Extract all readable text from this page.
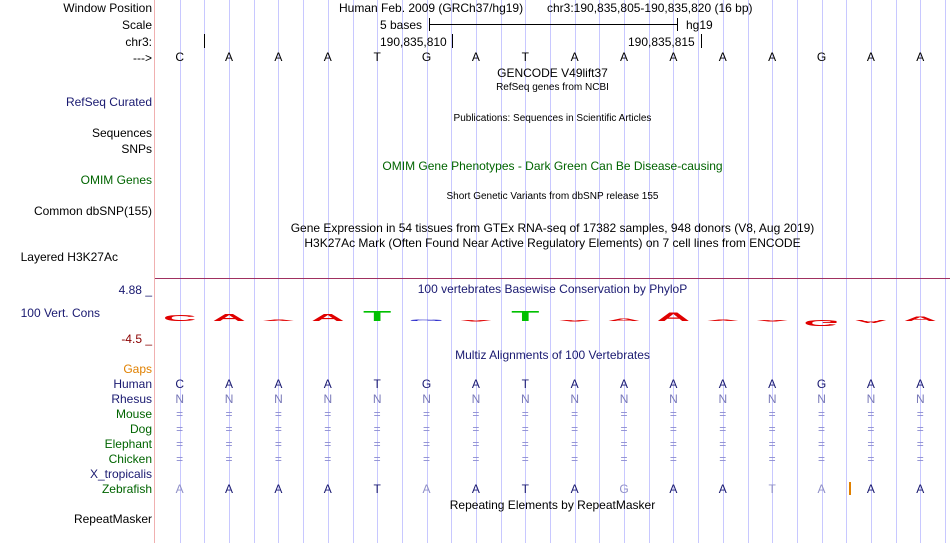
Window Position	Human Feb. 2009 (GRCh37/hg19) chr3:190,835,805-190,835,820 (16 bp)
Scale	5 bases	hg19
chr3:	190,835,810	190,835,815
--->	C	A	A	A	T	G	A	T	A	A	A	A	A	G	A	A
GENCODE V49lift37
RefSeq genes from NCBI
RefSeq Curated
Publications: Sequences in Scientific Articles
Sequences
SNPs
OMIM Gene Phenotypes - Dark Green Can Be Disease-causing
OMIM Genes
Short Genetic Variants from dbSNP release 155
Common dbSNP(155)
Gene Expression in 54 tissues from GTEx RNA-seq of 17382 samples, 948 donors (V8, Aug 2019)
H3K27Ac Mark (Often Found Near Active Regulatory Elements) on 7 cell lines from ENCODE
Layered H3K27Ac
100 vertebrates Basewise Conservation by PhyloP
4.88 _
100 Vert. Cons
-4.5 _
C A A A T G A T A A A A A G A A
Multiz Alignments of 100 Vertebrates
Gaps
Human	C	A	A	A	T	G	A	T	A	A	A	A	A	G	A	A
Rhesus	N	N	N	N	N	N	N	N	N	N	N	N	N	N	N	N
Mouse	=	=	=	=	=	=	=	=	=	=	=	=	=	=	=	=
Dog	=	=	=	=	=	=	=	=	=	=	=	=	=	=	=	=
Elephant	=	=	=	=	=	=	=	=	=	=	=	=	=	=	=	=
Chicken	=	=	=	=	=	=	=	=	=	=	=	=	=	=	=	=
X_tropicalis
Zebrafish	A	A	A	A	T	A	A	T	A	G	A	A	T	A	A	A
Repeating Elements by RepeatMasker
RepeatMasker
